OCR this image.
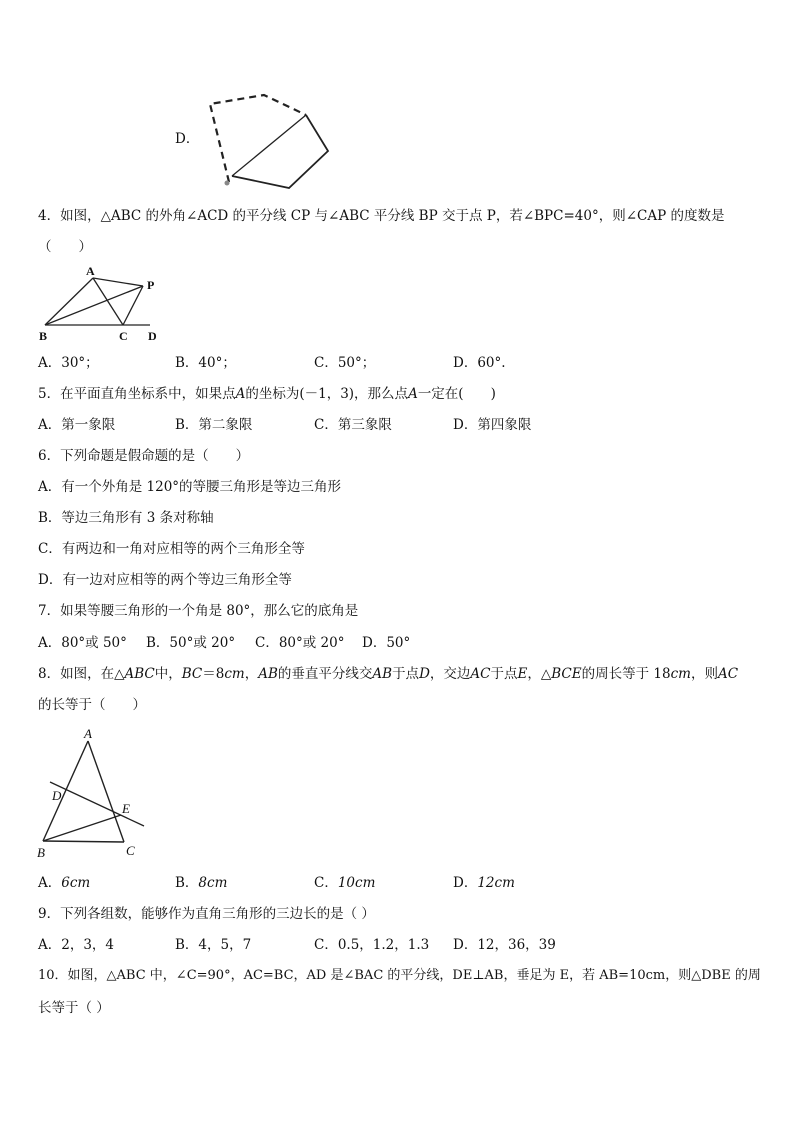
D．
4．如图，△ABC 的外角∠ACD 的平分线 CP 与∠ABC 平分线 BP 交于点 P，若∠BPC=40°，则∠CAP 的度数是
（　　）
A
P
B	C D
A．30°；	B．40°；	C．50°；	D．60°.
5．在平面直角坐标系中，如果点A的坐标为(－1，3)，那么点A一定在(　　)
A．第一象限	B．第二象限	C．第三象限	D．第四象限
6．下列命题是假命题的是（　　）
A．有一个外角是 120°的等腰三角形是等边三角形
B．等边三角形有 3 条对称轴
C．有两边和一角对应相等的两个三角形全等
D．有一边对应相等的两个等边三角形全等
7．如果等腰三角形的一个角是 80°，那么它的底角是
A．80°或 50° B．50°或 20° C．80°或 20° D．50°
8．如图，在△ABC中，BC＝8cm，AB的垂直平分线交AB于点D，交边AC于点E，△BCE的周长等于 18cm，则AC
的长等于（　　）
A
D
E
B	C
A．6cm	B．8cm	C．10cm	D．12cm
9．下列各组数，能够作为直角三角形的三边长的是（ ）
A．2，3，4	B．4，5，7	C．0.5，1.2，1.3 D．12，36，39
10．如图，△ABC 中，∠C=90°，AC=BC，AD 是∠BAC 的平分线，DE⊥AB，垂足为 E，若 AB=10cm，则△DBE 的周
长等于（ ）
